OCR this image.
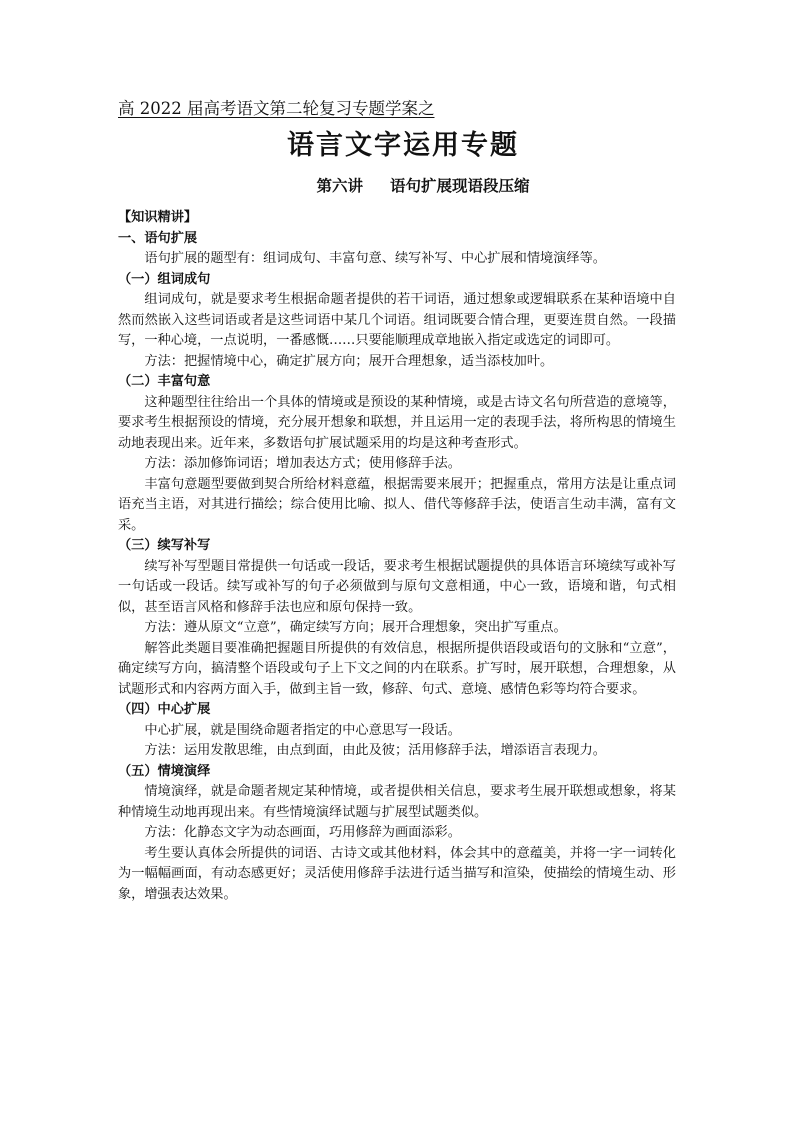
高 2022 届高考语文第二轮复习专题学案之

语言文字运用专题
第六讲     语句扩展现语段压缩

【知识精讲】

一、语句扩展

语句扩展的题型有：组词成句、丰富句意、续写补写、中心扩展和情境演绎等。

（一）组词成句

组词成句，就是要求考生根据命题者提供的若干词语，通过想象或逻辑联系在某种语境中自然而然嵌入这些词语或者是这些词语中某几个词语。组词既要合情合理，更要连贯自然。一段描写，一种心境，一点说明，一番感慨……只要能顺理成章地嵌入指定或选定的词即可。

方法：把握情境中心，确定扩展方向；展开合理想象，适当添枝加叶。

（二）丰富句意

这种题型往往给出一个具体的情境或是预设的某种情境，或是古诗文名句所营造的意境等，要求考生根据预设的情境，充分展开想象和联想，并且运用一定的表现手法，将所构思的情境生动地表现出来。近年来，多数语句扩展试题采用的均是这种考查形式。

方法：添加修饰词语；增加表达方式；使用修辞手法。

丰富句意题型要做到契合所给材料意蕴，根据需要来展开；把握重点，常用方法是让重点词语充当主语，对其进行描绘；综合使用比喻、拟人、借代等修辞手法，使语言生动丰满，富有文采。

（三）续写补写

续写补写型题目常提供一句话或一段话，要求考生根据试题提供的具体语言环境续写或补写一句话或一段话。续写或补写的句子必须做到与原句文意相通，中心一致，语境和谐，句式相似，甚至语言风格和修辞手法也应和原句保持一致。

方法：遵从原文“立意”，确定续写方向；展开合理想象，突出扩写重点。

解答此类题目要准确把握题目所提供的有效信息，根据所提供语段或语句的文脉和“立意”，确定续写方向，搞清整个语段或句子上下文之间的内在联系。扩写时，展开联想，合理想象，从试题形式和内容两方面入手，做到主旨一致，修辞、句式、意境、感情色彩等均符合要求。

（四）中心扩展

中心扩展，就是围绕命题者指定的中心意思写一段话。

方法：运用发散思维，由点到面，由此及彼；活用修辞手法，增添语言表现力。

（五）情境演绎

情境演绎，就是命题者规定某种情境，或者提供相关信息，要求考生展开联想或想象，将某种情境生动地再现出来。有些情境演绎试题与扩展型试题类似。

方法：化静态文字为动态画面，巧用修辞为画面添彩。

考生要认真体会所提供的词语、古诗文或其他材料，体会其中的意蕴美，并将一字一词转化为一幅幅画面，有动态感更好；灵活使用修辞手法进行适当描写和渲染，使描绘的情境生动、形象，增强表达效果。
